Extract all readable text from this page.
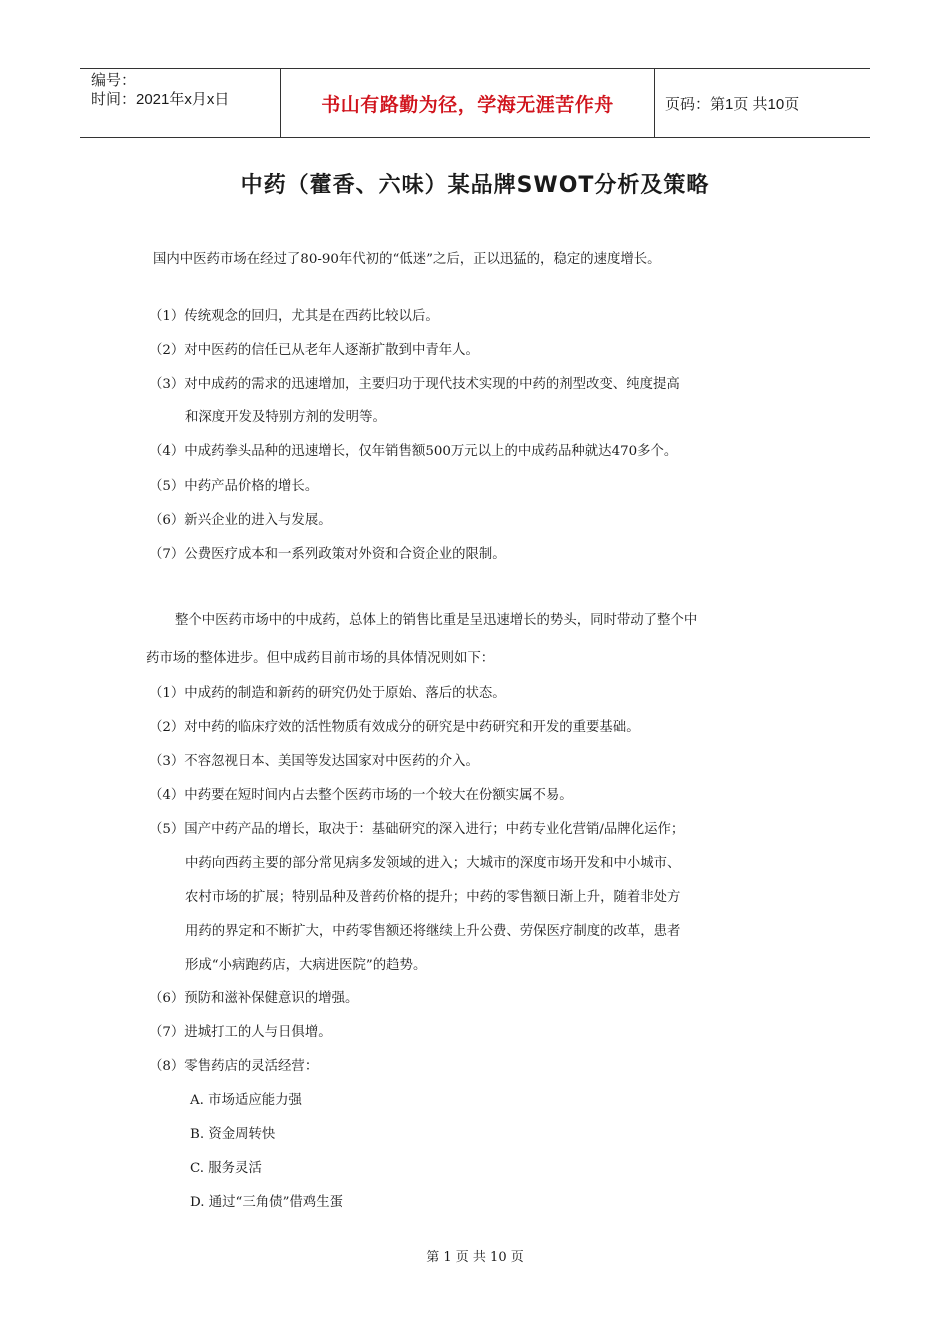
编号：
时间：2021年x月x日	书山有路勤为径，学海无涯苦作舟	页码：第1页 共10页
中药（藿香、六味）某品牌SWOT分析及策略
国内中医药市场在经过了80-90年代初的“低迷”之后，正以迅猛的，稳定的速度增长。
（1）传统观念的回归，尤其是在西药比较以后。
（2）对中医药的信任已从老年人逐渐扩散到中青年人。
（3）对中成药的需求的迅速增加，主要归功于现代技术实现的中药的剂型改变、纯度提高
和深度开发及特别方剂的发明等。
（4）中成药拳头品种的迅速增长，仅年销售额500万元以上的中成药品种就达470多个。
（5）中药产品价格的增长。
（6）新兴企业的进入与发展。
（7）公费医疗成本和一系列政策对外资和合资企业的限制。
整个中医药市场中的中成药，总体上的销售比重是呈迅速增长的势头，同时带动了整个中
药市场的整体进步。但中成药目前市场的具体情况则如下：
（1）中成药的制造和新药的研究仍处于原始、落后的状态。
（2）对中药的临床疗效的活性物质有效成分的研究是中药研究和开发的重要基础。
（3）不容忽视日本、美国等发达国家对中医药的介入。
（4）中药要在短时间内占去整个医药市场的一个较大在份额实属不易。
（5）国产中药产品的增长，取决于：基础研究的深入进行；中药专业化营销/品牌化运作；
中药向西药主要的部分常见病多发领域的进入；大城市的深度市场开发和中小城市、
农村市场的扩展；特别品种及普药价格的提升；中药的零售额日渐上升，随着非处方
用药的界定和不断扩大，中药零售额还将继续上升公费、劳保医疗制度的改革，患者
形成“小病跑药店，大病进医院”的趋势。
（6）预防和滋补保健意识的增强。
（7）进城打工的人与日俱增。
（8）零售药店的灵活经营：
A. 市场适应能力强
B. 资金周转快
C. 服务灵活
D. 通过“三角债”借鸡生蛋
第 1 页 共 10 页
